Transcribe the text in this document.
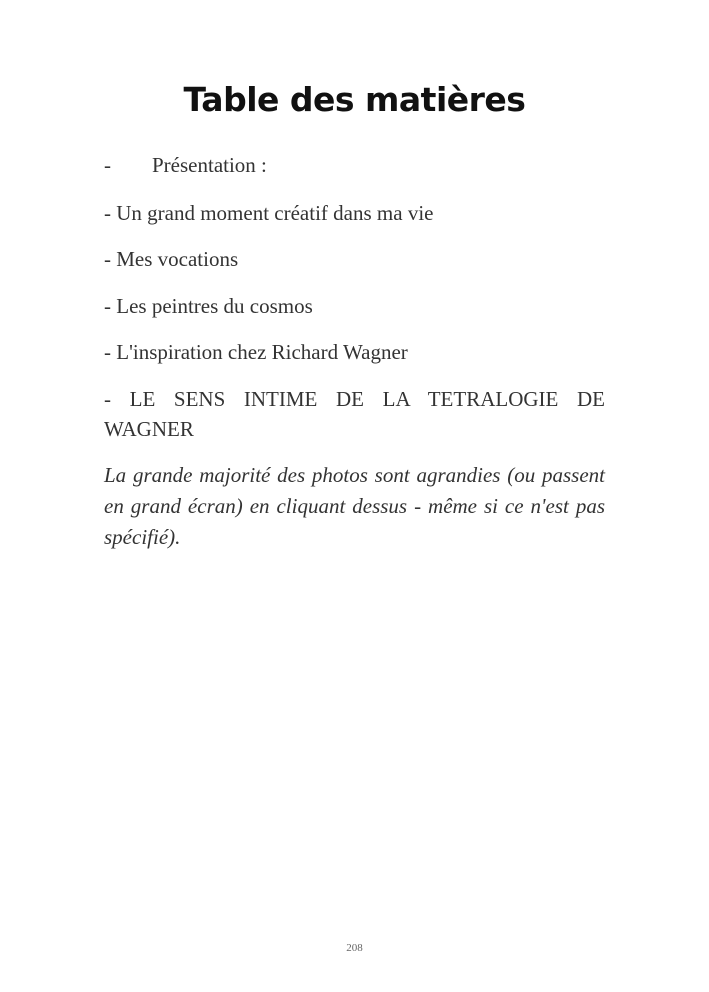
Table des matières

- Présentation :

- Un grand moment créatif dans ma vie

- Mes vocations

- Les peintres du cosmos

- L'inspiration chez Richard Wagner

- LE SENS INTIME DE LA TETRALOGIE DE WAGNER

La grande majorité des photos sont agrandies (ou passent en grand écran) en cliquant dessus - même si ce n'est pas spécifié).

208
